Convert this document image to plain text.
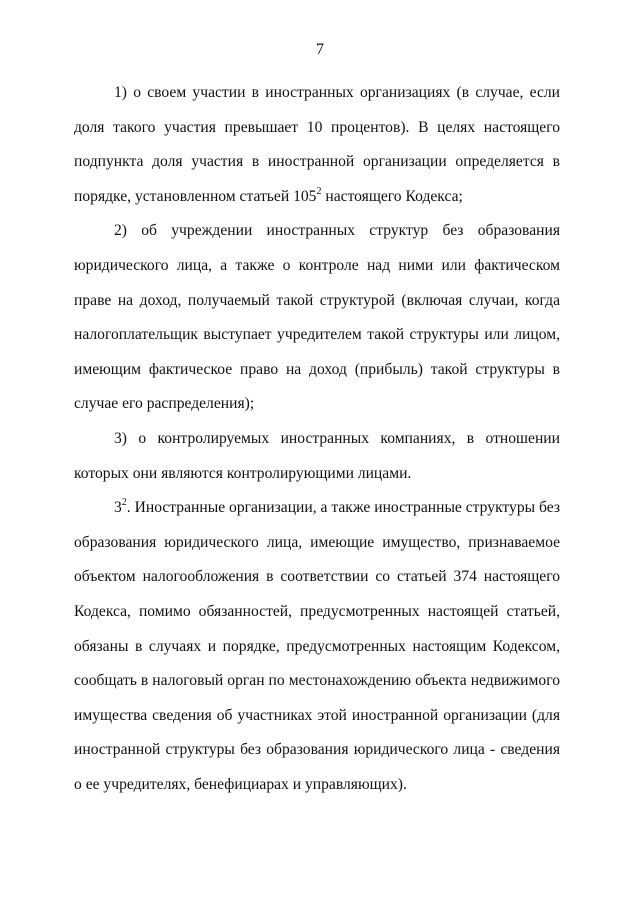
7

1) о своем участии в иностранных организациях (в случае, если доля такого участия превышает 10 процентов). В целях настоящего подпункта доля участия в иностранной организации определяется в порядке, установленном статьей $105^2$ настоящего Кодекса;

2) об учреждении иностранных структур без образования юридического лица, а также о контроле над ними или фактическом праве на доход, получаемый такой структурой (включая случаи, когда налогоплательщик выступает учредителем такой структуры или лицом, имеющим фактическое право на доход (прибыль) такой структуры в случае его распределения);

3) о контролируемых иностранных компаниях, в отношении которых они являются контролирующими лицами.

$3^2$. Иностранные организации, а также иностранные структуры без образования юридического лица, имеющие имущество, признаваемое объектом налогообложения в соответствии со статьей 374 настоящего Кодекса, помимо обязанностей, предусмотренных настоящей статьей, обязаны в случаях и порядке, предусмотренных настоящим Кодексом, сообщать в налоговый орган по местонахождению объекта недвижимого имущества сведения об участниках этой иностранной организации (для иностранной структуры без образования юридического лица - сведения о ее учредителях, бенефициарах и управляющих).
